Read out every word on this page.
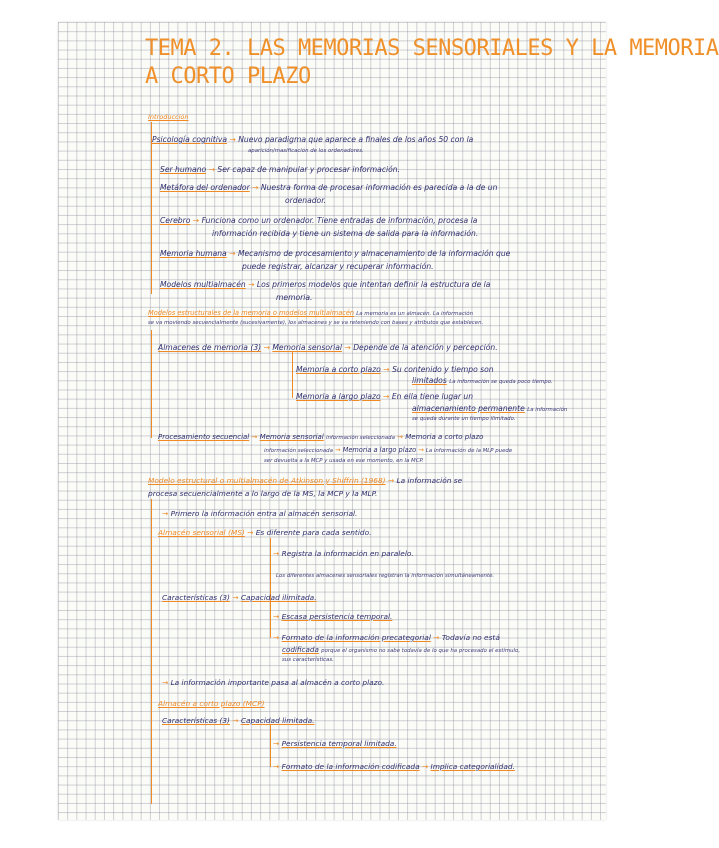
TEMA 2. LAS MEMORIAS SENSORIALES Y LA MEMORIA
A CORTO PLAZO
Introducción
Psicología cognitiva → Nuevo paradigma que aparece a finales de los años 50 con la
aparición/masificación de los ordenadores.
Ser humano → Ser capaz de manipular y procesar información.
Metáfora del ordenador → Nuestra forma de procesar información es parecida a la de un
ordenador.
Cerebro → Funciona como un ordenador. Tiene entradas de información, procesa la
información recibida y tiene un sistema de salida para la información.
Memoria humana → Mecanismo de procesamiento y almacenamiento de la información que
puede registrar, alcanzar y recuperar información.
Modelos multialmacén → Los primeros modelos que intentan definir la estructura de la
memoria.
Modelos estructurales de la memoria o modelos multialmacén La memoria es un almacén. La información
se va moviendo secuencialmente (sucesivamente), los almacenes y se va reteniendo con bases y atributos que establecen.
Almacenes de memoria (3) → Memoria sensorial → Depende de la atención y percepción.
Memoria a corto plazo → Su contenido y tiempo son
limitados La información se queda poco tiempo.
Memoria a largo plazo → En ella tiene lugar un
almacenamiento permanente La información
se queda durante un tiempo ilimitado.
Procesamiento secuencial → Memoria sensorial información seleccionada → Memoria a corto plazo
información seleccionada → Memoria a largo plazo → La información de la MLP puede
ser devuelta a la MCP y usada en ese momento, en la MCP.
Modelo estructural o multialmacén de Atkinson y Shiffrin (1968) → La información se
procesa secuencialmente a lo largo de la MS, la MCP y la MLP.
→ Primero la información entra al almacén sensorial.
Almacén sensorial (MS) → Es diferente para cada sentido.
→ Registra la información en paralelo.
Los diferentes almacenes sensoriales registran la información simultáneamente.
Características (3) → Capacidad ilimitada.
→ Escasa persistencia temporal.
→ Formato de la información precategorial → Todavía no está
codificada porque el organismo no sabe todavía de lo que ha procesado el estímulo,
sus características.
→ La información importante pasa al almacén a corto plazo.
Almacén a corto plazo (MCP)
Características (3) → Capacidad limitada.
→ Persistencia temporal limitada.
→ Formato de la información codificada → Implica categorialidad.
